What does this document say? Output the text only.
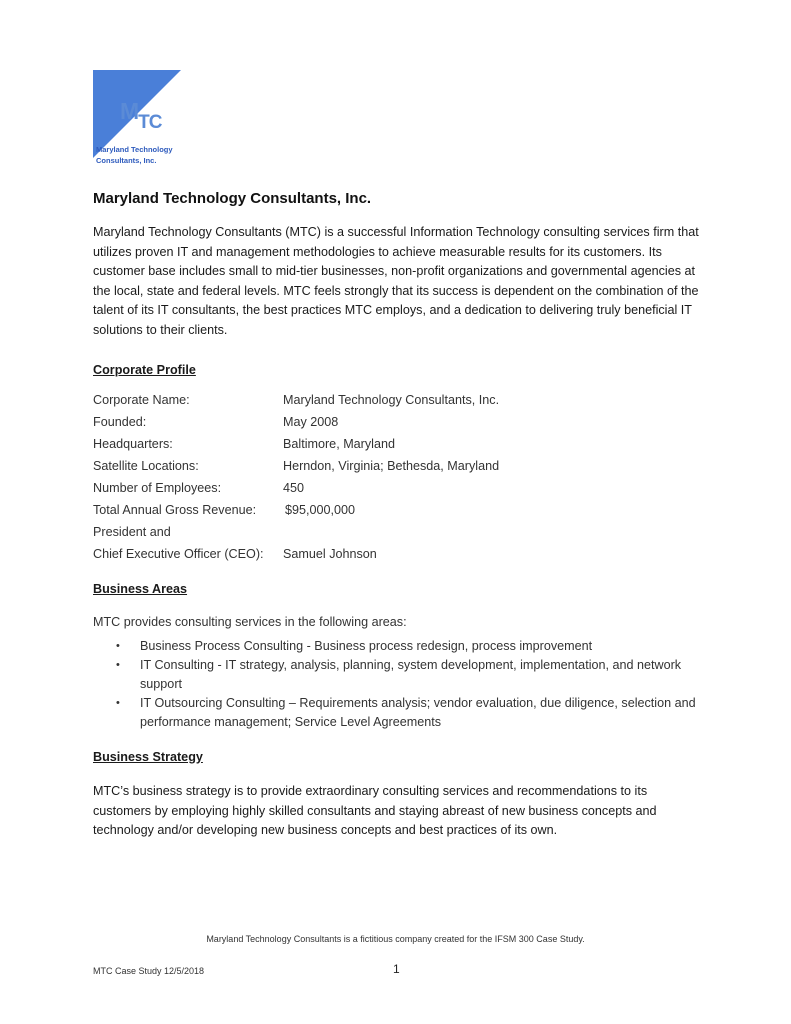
$M_{TC}$
Maryland Technology
Consultants, Inc.
Maryland Technology Consultants, Inc.

Maryland Technology Consultants (MTC) is a successful Information Technology consulting services firm that utilizes proven IT and management methodologies to achieve measurable results for its customers. Its customer base includes small to mid-tier businesses, non-profit organizations and governmental agencies at the local, state and federal levels. MTC feels strongly that its success is dependent on the combination of the talent of its IT consultants, the best practices MTC employs, and a dedication to delivering truly beneficial IT solutions to their clients.

Corporate Profile
Corporate Name:	Maryland Technology Consultants, Inc.
Founded:	May 2008
Headquarters:	Baltimore, Maryland
Satellite Locations:	Herndon, Virginia; Bethesda, Maryland
Number of Employees:	450
Total Annual Gross Revenue: $95,000,000
President and
Chief Executive Officer (CEO): Samuel Johnson
Business Areas
MTC provides consulting services in the following areas:
• Business Process Consulting - Business process redesign, process improvement
• IT Consulting - IT strategy, analysis, planning, system development, implementation, and network support
• IT Outsourcing Consulting – Requirements analysis; vendor evaluation, due diligence, selection and performance management; Service Level Agreements
Business Strategy

MTC’s business strategy is to provide extraordinary consulting services and recommendations to its customers by employing highly skilled consultants and staying abreast of new business concepts and technology and/or developing new business concepts and best practices of its own.

Maryland Technology Consultants is a fictitious company created for the IFSM 300 Case Study.
MTC Case Study 12/5/2018	1
